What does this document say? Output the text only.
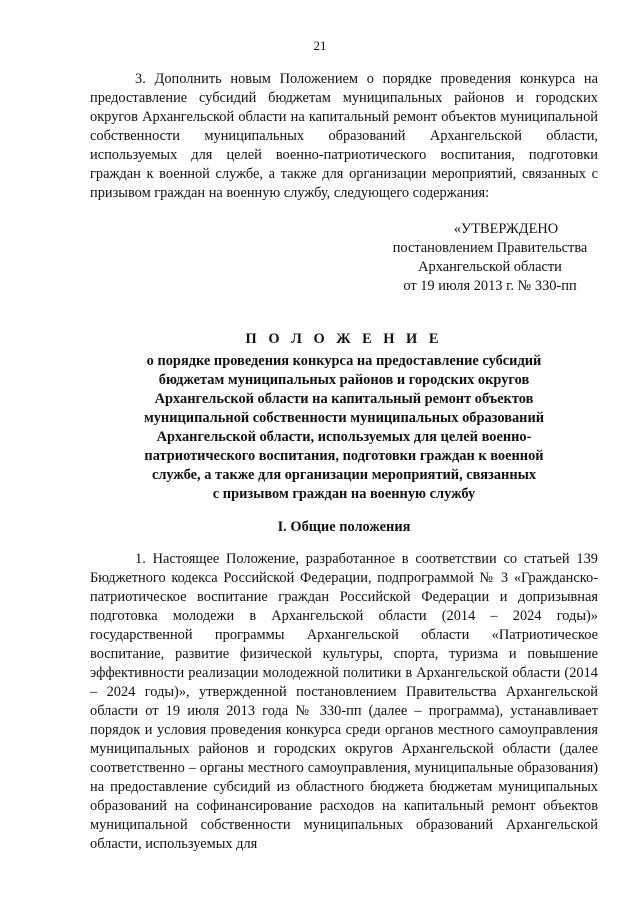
21

3. Дополнить новым Положением о порядке проведения конкурса на предоставление субсидий бюджетам муниципальных районов и городских округов Архангельской области на капитальный ремонт объектов муниципальной собственности муниципальных образований Архангельской области, используемых для целей военно-патриотического воспитания, подготовки граждан к военной службе, а также для организации мероприятий, связанных с призывом граждан на военную службу, следующего содержания:

«УТВЕРЖДЕНО
постановлением Правительства
Архангельской области
от 19 июля 2013 г. № 330-пп
П О Л О Ж Е Н И Е
о порядке проведения конкурса на предоставление субсидий
бюджетам муниципальных районов и городских округов
Архангельской области на капитальный ремонт объектов
муниципальной собственности муниципальных образований
Архангельской области, используемых для целей военно-
патриотического воспитания, подготовки граждан к военной
службе, а также для организации мероприятий, связанных
с призывом граждан на военную службу
I. Общие положения

1. Настоящее Положение, разработанное в соответствии со статьей 139 Бюджетного кодекса Российской Федерации, подпрограммой № 3 «Гражданско-патриотическое воспитание граждан Российской Федерации и допризывная подготовка молодежи в Архангельской области (2014 – 2024 годы)» государственной программы Архангельской области «Патриотическое воспитание, развитие физической культуры, спорта, туризма и повышение эффективности реализации молодежной политики в Архангельской области (2014 – 2024 годы)», утвержденной постановлением Правительства Архангельской области от 19 июля 2013 года № 330-пп (далее – программа), устанавливает порядок и условия проведения конкурса среди органов местного самоуправления муниципальных районов и городских округов Архангельской области (далее соответственно – органы местного самоуправления, муниципальные образования) на предоставление субсидий из областного бюджета бюджетам муниципальных образований на софинансирование расходов на капитальный ремонт объектов муниципальной собственности муниципальных образований Архангельской области, используемых для
